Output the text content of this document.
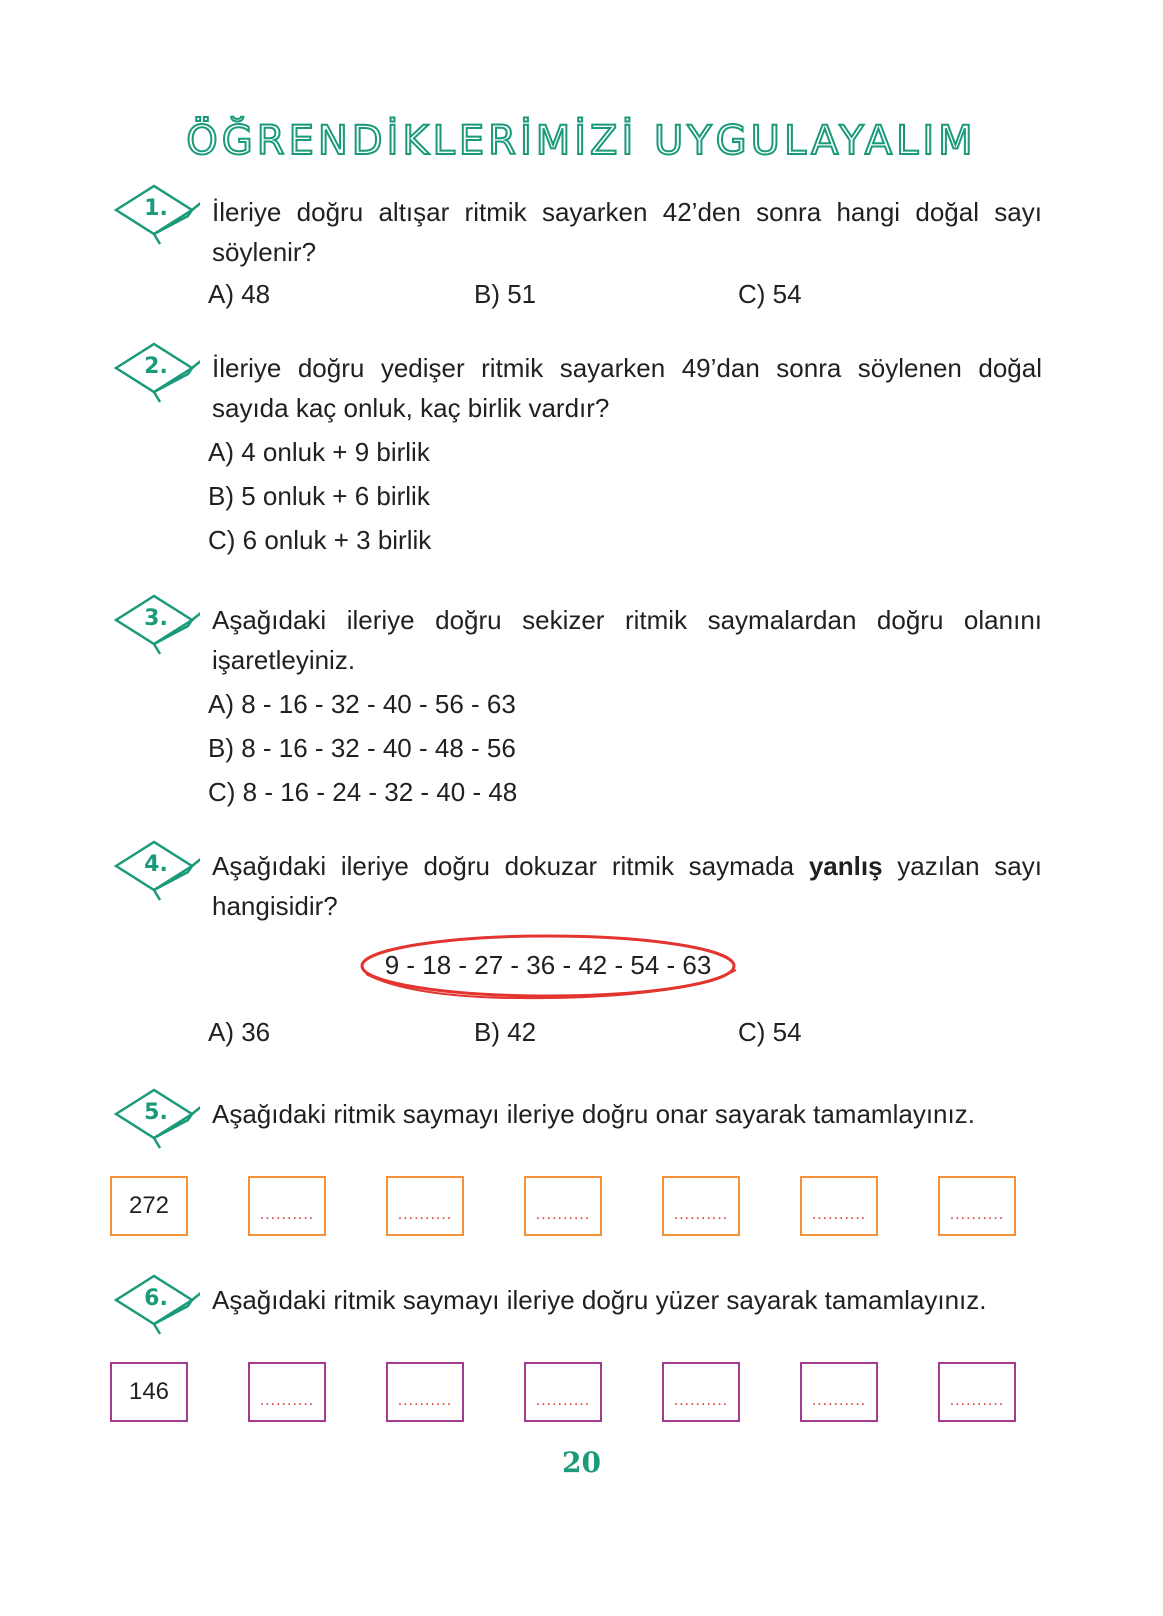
ÖĞRENDİKLERİMİZİ UYGULAYALIM
1.	İleriye doğru altışar ritmik sayarken 42’den sonra hangi doğal sayı söylenir?
A) 48	B) 51	C) 54
2.	İleriye doğru yedişer ritmik sayarken 49’dan sonra söylenen doğal sayıda kaç onluk, kaç birlik vardır?
A) 4 onluk + 9 birlik
B) 5 onluk + 6 birlik
C) 6 onluk + 3 birlik
3.	Aşağıdaki ileriye doğru sekizer ritmik saymalardan doğru olanını işaretleyiniz.
A) 8 - 16 - 32 - 40 - 56 - 63
B) 8 - 16 - 32 - 40 - 48 - 56
C) 8 - 16 - 24 - 32 - 40 - 48
4.	Aşağıdaki ileriye doğru dokuzar ritmik saymada yanlış yazılan sayı hangisidir?
9 - 18 - 27 - 36 - 42 - 54 - 63
A) 36	B) 42	C) 54
5.	Aşağıdaki ritmik saymayı ileriye doğru onar sayarak tamamlayınız.
272	..........	..........	..........	..........	..........	..........
6.	Aşağıdaki ritmik saymayı ileriye doğru yüzer sayarak tamamlayınız.
146	..........	..........	..........	..........	..........	..........
20
